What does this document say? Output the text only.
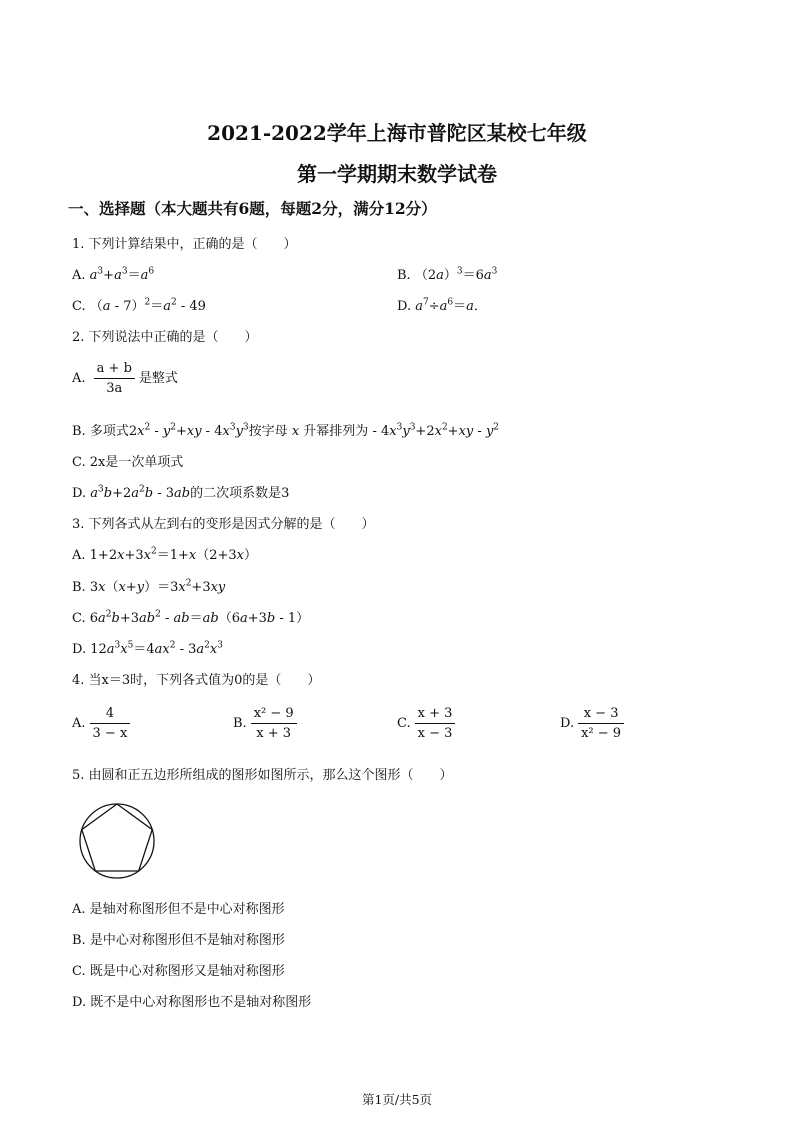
2021-2022学年上海市普陀区某校七年级
第一学期期末数学试卷
一、选择题（本大题共有6题，每题2分，满分12分）
1. 下列计算结果中，正确的是（　　）
A. $a^3+a^3=a^6$	B. $(2a)^3=6a^3$
C. $(a - 7)^2=a^2 - 49$	D. $a^7\div a^6=a$．
2. 下列说法中正确的是（　　）
A. $\frac{a + b}{3a}$ 是整式
B. 多项式$2x^2 - y^2+xy - 4x^3y^3$按字母 x 升幂排列为 - $4x^3y^3+2x^2+xy - y^2$
C. 2x是一次单项式
D. $a^3b+2a^2b - 3ab$的二次项系数是3
3. 下列各式从左到右的变形是因式分解的是（　　）
A. $1+2x+3x^2=1+x(2+3x)$
B. $3x(x+y)=3x^2+3xy$
C. $6a^2b+3ab^2 - ab=ab(6a+3b - 1)$
D. $12a^3x^5=4ax^2 - 3a^2x^3$
4. 当x＝3时，下列各式值为0的是（　　）
A. $\frac{4}{3 - x}$	B. $\frac{\text{x² − 9}}{x + 3}$	C. $\frac{x + 3}{x - 3}$	D. $\frac{x - 3}{\text{x² − 9}}$
5. 由圆和正五边形所组成的图形如图所示，那么这个图形（　　）
A. 是轴对称图形但不是中心对称图形
B. 是中心对称图形但不是轴对称图形
C. 既是中心对称图形又是轴对称图形
D. 既不是中心对称图形也不是轴对称图形
第1页/共5页
